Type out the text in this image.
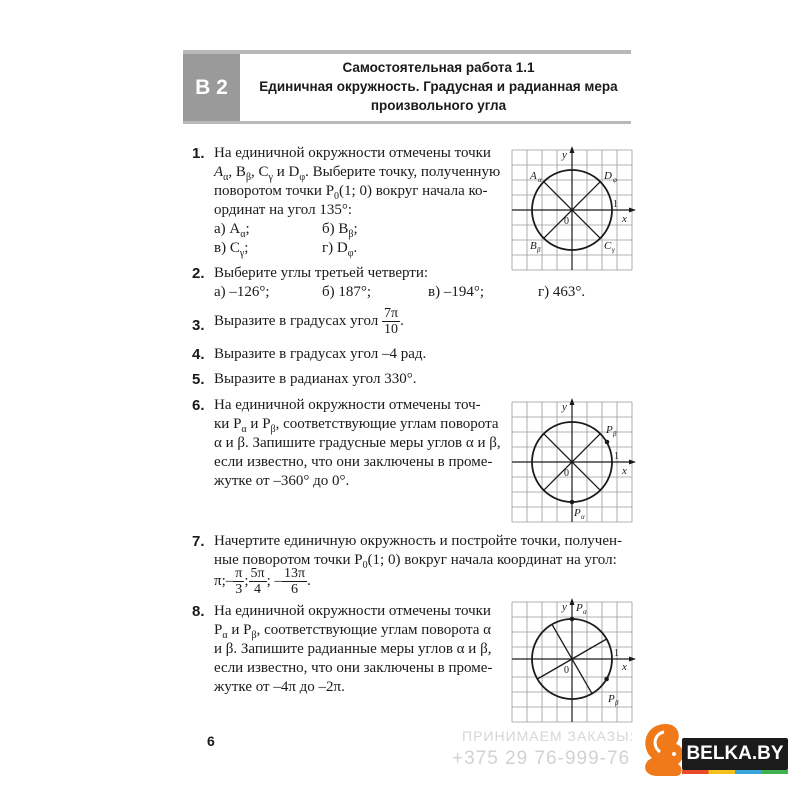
В 2
Самостоятельная работа 1.1
Единичная окружность. Градусная и радианная мера
произвольного угла
1. На единичной окружности отмечены точки
$A_\alpha$, $B_\beta$, $C_\gamma$ и $D_\varphi$. Выберите точку, полученную
поворотом точки $P_0(1$; 0) вокруг начала ко-
ординат на угол 135°:
а) $A_\alpha$;	б) $B_\beta$;
в) $C_\gamma$;	г) $D_\varphi$.
y
x
A α	D φ
B β	C γ
1
0
2. Выберите углы третьей четверти:
а) –126°;	б) 187°;	в) –194°;	г) 463°.
3. Выразите в градусах угол $\frac{7\pi}{10}$ .
4. Выразите в градусах угол –4 рад.
5. Выразите в радианах угол 330°.
6. На единичной окружности отмечены точ-
ки $P_\alpha$ и $P_\beta$, соответствующие углам поворота
α и β. Запишите градусные меры углов α и β,
если известно, что они заключены в проме-
жутке от –360° до 0°.
y
x
P β
P α
1
0
7. Начертите единичную окружность и постройте точки, получен-
ные поворотом точки $P_0(1$; 0) вокруг начала координат на угол:
π;– $\frac{\pi}{3}$ ; $\frac{5\pi}{4}$ ; – $\frac{13\pi}{6}$ .
8. На единичной окружности отмечены точки
$P_\alpha$ и $P_\beta$, соответствующие углам поворота α
и β. Запишите радианные меры углов α и β,
если известно, что они заключены в проме-
жутке от –4π до –2π.
y
x
P α
P β
1
0
6	ПРИНИМАЕМ ЗАКАЗЫ:
+375 29 76-999-76	BELKA.BY
